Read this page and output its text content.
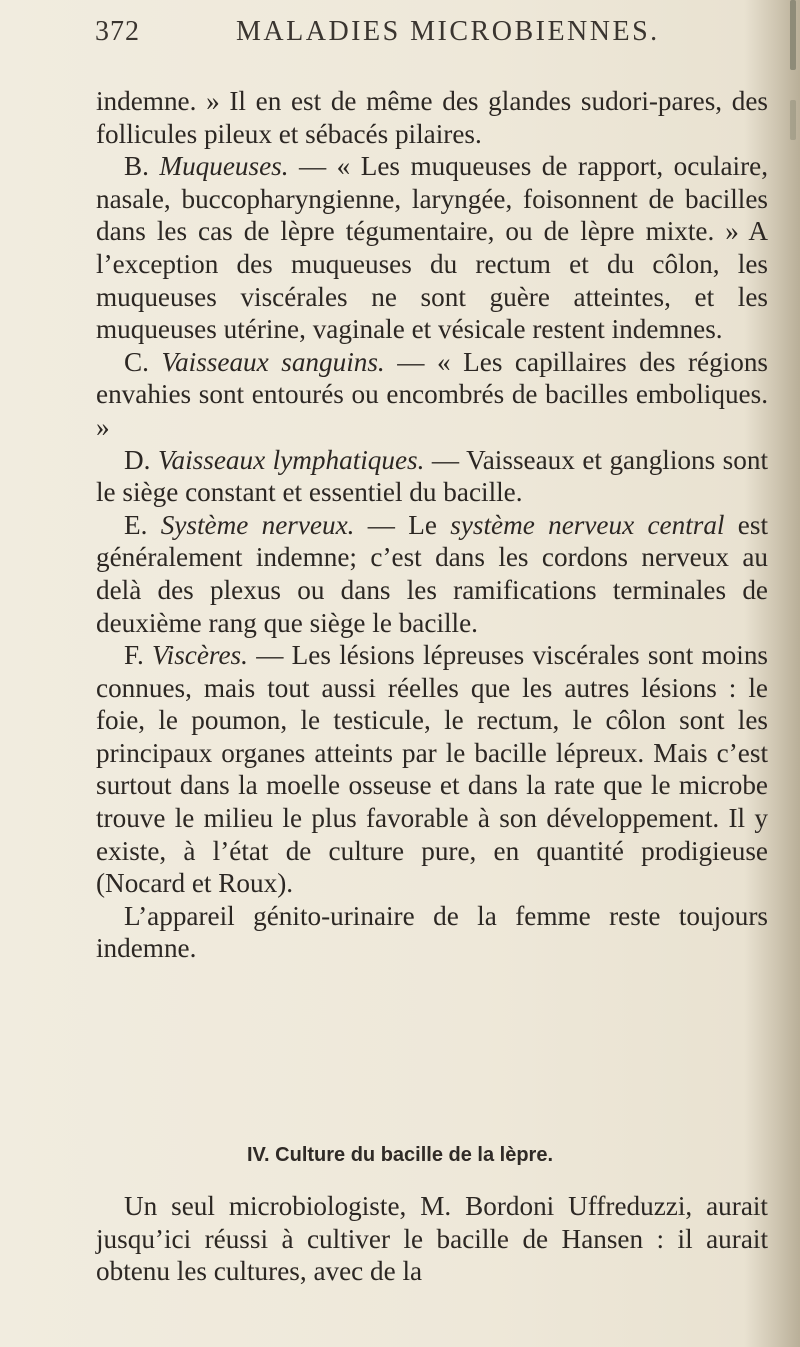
372	MALADIES MICROBIENNES.

indemne. » Il en est de même des glandes sudori-pares, des follicules pileux et sébacés pilaires.

B. Muqueuses. — « Les muqueuses de rapport, oculaire, nasale, buccopharyngienne, laryngée, foisonnent de bacilles dans les cas de lèpre tégumentaire, ou de lèpre mixte. » A l’exception des muqueuses du rectum et du côlon, les muqueuses viscérales ne sont guère atteintes, et les muqueuses utérine, vaginale et vésicale restent indemnes.

C. Vaisseaux sanguins. — « Les capillaires des régions envahies sont entourés ou encombrés de bacilles emboliques. »

D. Vaisseaux lymphatiques. — Vaisseaux et ganglions sont le siège constant et essentiel du bacille.

E. Système nerveux. — Le système nerveux central est généralement indemne; c’est dans les cordons nerveux au delà des plexus ou dans les ramifications terminales de deuxième rang que siège le bacille.

F. Viscères. — Les lésions lépreuses viscérales sont moins connues, mais tout aussi réelles que les autres lésions : le foie, le poumon, le testicule, le rectum, le côlon sont les principaux organes atteints par le bacille lépreux. Mais c’est surtout dans la moelle osseuse et dans la rate que le microbe trouve le milieu le plus favorable à son développement. Il y existe, à l’état de culture pure, en quantité prodigieuse (Nocard et Roux).

L’appareil génito-urinaire de la femme reste toujours indemne.

IV. Culture du bacille de la lèpre.

Un seul microbiologiste, M. Bordoni Uffreduzzi, aurait jusqu’ici réussi à cultiver le bacille de Hansen : il aurait obtenu les cultures, avec de la
